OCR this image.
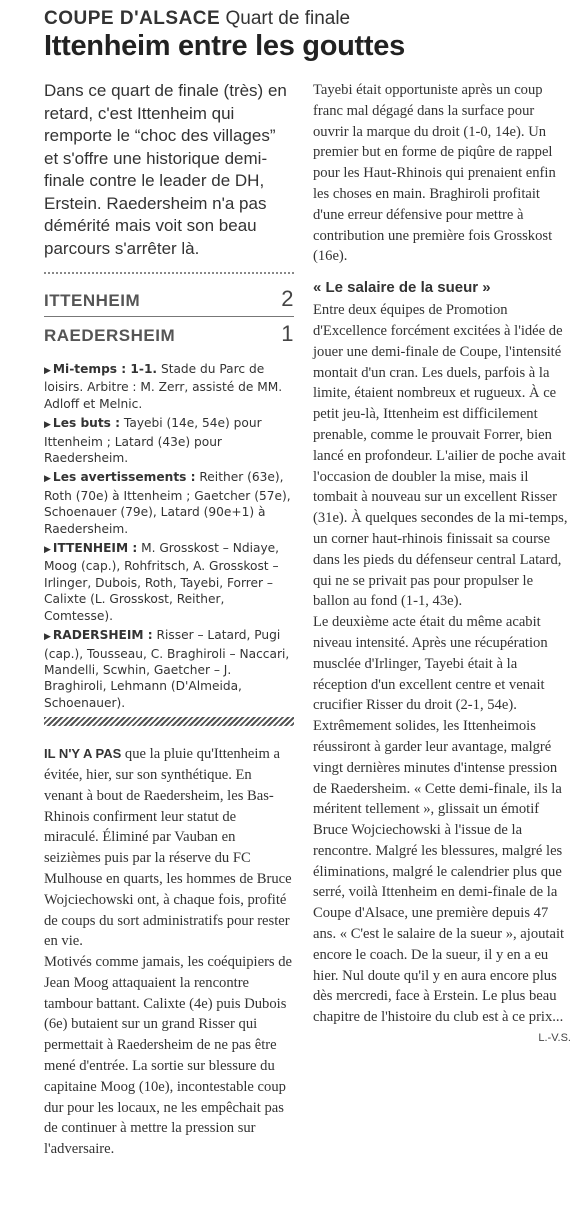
COUPE D'ALSACE Quart de finale
Ittenheim entre les gouttes

Dans ce quart de finale (très) en retard, c'est Ittenheim qui remporte le “choc des villages” et s'offre une historique demi-finale contre le leader de DH, Erstein. Raedersheim n'a pas démérité mais voit son beau parcours s'arrêter là.

ITTENHEIM	2
RAEDERSHEIM	1

▶ Mi-temps : 1-1. Stade du Parc de loisirs. Arbitre : M. Zerr, assisté de MM. Adloff et Melnic.

▶ Les buts : Tayebi (14e, 54e) pour Ittenheim ; Latard (43e) pour Raedersheim.

▶ Les avertissements : Reither (63e), Roth (70e) à Ittenheim ; Gaetcher (57e), Schoenauer (79e), Latard (90e+1) à Raedersheim.

▶ ITTENHEIM : M. Grosskost – Ndiaye, Moog (cap.), Rohfritsch, A. Grosskost – Irlinger, Dubois, Roth, Tayebi, Forrer – Calixte (L. Grosskost, Reither, Comtesse).

▶ RADERSHEIM : Risser – Latard, Pugi (cap.), Tousseau, C. Braghiroli – Naccari, Mandelli, Scwhin, Gaetcher – J. Braghiroli, Lehmann (D'Almeida, Schoenauer).

IL N'Y A PAS que la pluie qu'Ittenheim a évitée, hier, sur son synthétique. En venant à bout de Raedersheim, les Bas-Rhinois confirment leur statut de miraculé. Éliminé par Vauban en seizièmes puis par la réserve du FC Mulhouse en quarts, les hommes de Bruce Wojciechowski ont, à chaque fois, profité de coups du sort administratifs pour rester en vie.

Motivés comme jamais, les coéquipiers de Jean Moog attaquaient la rencontre tambour battant. Calixte (4e) puis Dubois (6e) butaient sur un grand Risser qui permettait à Raedersheim de ne pas être mené d'entrée. La sortie sur blessure du capitaine Moog (10e), incontestable coup dur pour les locaux, ne les empêchait pas de continuer à mettre la pression sur l'adversaire.

Tayebi était opportuniste après un coup franc mal dégagé dans la surface pour ouvrir la marque du droit (1-0, 14e). Un premier but en forme de piqûre de rappel pour les Haut-Rhinois qui prenaient enfin les choses en main. Braghiroli profitait d'une erreur défensive pour mettre à contribution une première fois Grosskost (16e).

« Le salaire de la sueur »

Entre deux équipes de Promotion d'Excellence forcément excitées à l'idée de jouer une demi-finale de Coupe, l'intensité montait d'un cran. Les duels, parfois à la limite, étaient nombreux et rugueux. À ce petit jeu-là, Ittenheim est difficilement prenable, comme le prouvait Forrer, bien lancé en profondeur. L'ailier de poche avait l'occasion de doubler la mise, mais il tombait à nouveau sur un excellent Risser (31e). À quelques secondes de la mi-temps, un corner haut-rhinois finissait sa course dans les pieds du défenseur central Latard, qui ne se privait pas pour propulser le ballon au fond (1-1, 43e).

Le deuxième acte était du même acabit niveau intensité. Après une récupération musclée d'Irlinger, Tayebi était à la réception d'un excellent centre et venait crucifier Risser du droit (2-1, 54e). Extrêmement solides, les Ittenheimois réussiront à garder leur avantage, malgré vingt dernières minutes d'intense pression de Raedersheim. « Cette demi-finale, ils la méritent tellement », glissait un émotif Bruce Wojciechowski à l'issue de la rencontre. Malgré les blessures, malgré les éliminations, malgré le calendrier plus que serré, voilà Ittenheim en demi-finale de la Coupe d'Alsace, une première depuis 47 ans. « C'est le salaire de la sueur », ajoutait encore le coach. De la sueur, il y en a eu hier. Nul doute qu'il y en aura encore plus dès mercredi, face à Erstein. Le plus beau chapitre de l'histoire du club est à ce prix...

L.-V.S.
